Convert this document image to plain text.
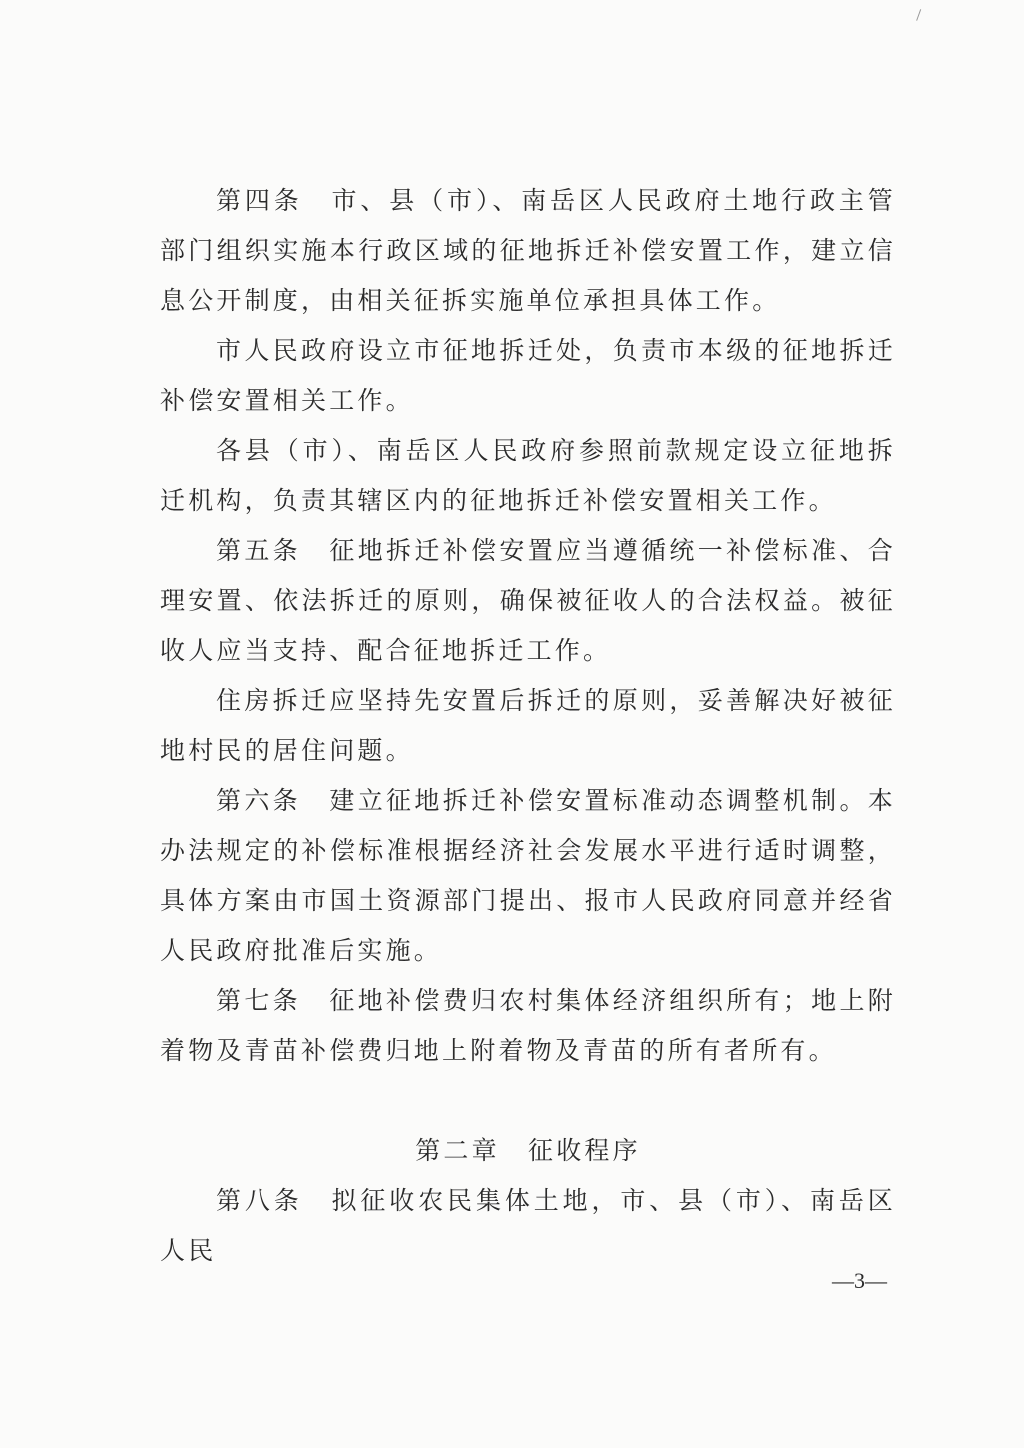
第四条　市、县（市）、南岳区人民政府土地行政主管部门组织实施本行政区域的征地拆迁补偿安置工作，建立信息公开制度，由相关征拆实施单位承担具体工作。

市人民政府设立市征地拆迁处，负责市本级的征地拆迁补偿安置相关工作。

各县（市）、南岳区人民政府参照前款规定设立征地拆迁机构，负责其辖区内的征地拆迁补偿安置相关工作。

第五条　征地拆迁补偿安置应当遵循统一补偿标准、合理安置、依法拆迁的原则，确保被征收人的合法权益。被征收人应当支持、配合征地拆迁工作。

住房拆迁应坚持先安置后拆迁的原则，妥善解决好被征地村民的居住问题。

第六条　建立征地拆迁补偿安置标准动态调整机制。本办法规定的补偿标准根据经济社会发展水平进行适时调整，具体方案由市国土资源部门提出、报市人民政府同意并经省人民政府批准后实施。

第七条　征地补偿费归农村集体经济组织所有；地上附着物及青苗补偿费归地上附着物及青苗的所有者所有。

第二章　征收程序

第八条　拟征收农民集体土地，市、县（市）、南岳区人民

—3—
